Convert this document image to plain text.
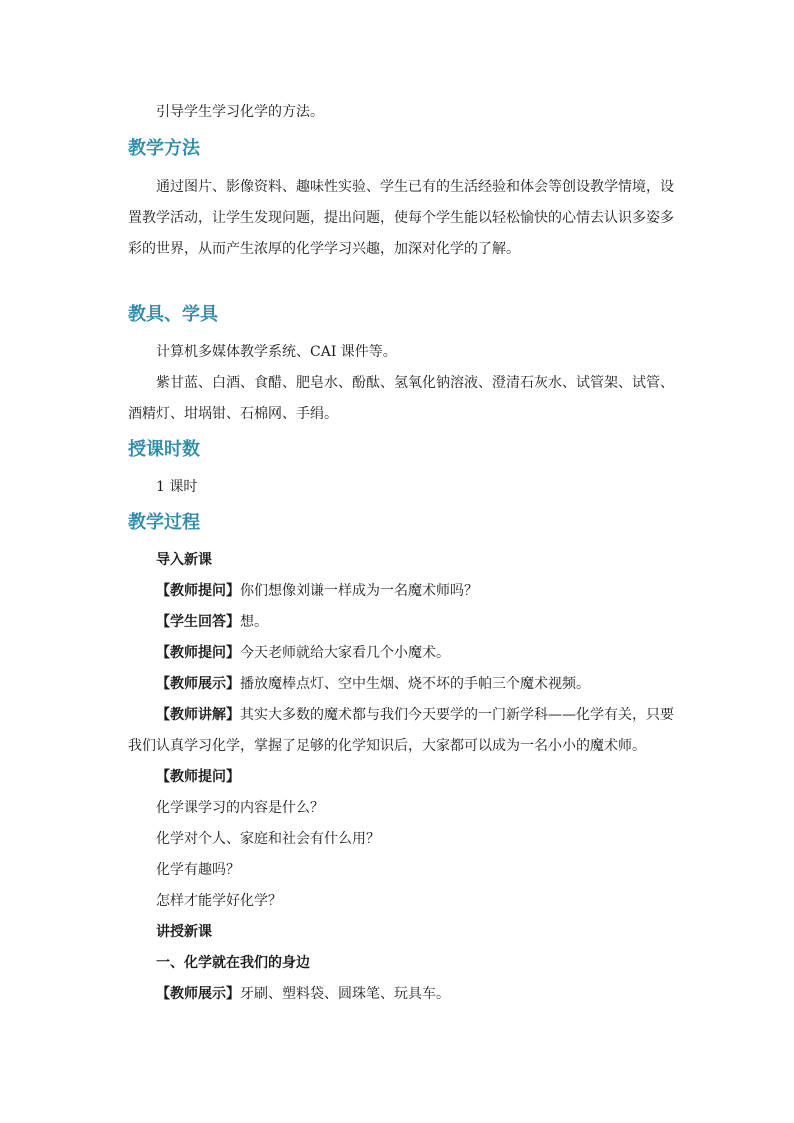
引导学生学习化学的方法。
教学方法
通过图片、影像资料、趣味性实验、学生已有的生活经验和体会等创设教学情境，设
置教学活动，让学生发现问题，提出问题，使每个学生能以轻松愉快的心情去认识多姿多
彩的世界，从而产生浓厚的化学学习兴趣，加深对化学的了解。
教具、学具
计算机多媒体教学系统、CAI 课件等。
紫甘蓝、白酒、食醋、肥皂水、酚酞、氢氧化钠溶液、澄清石灰水、试管架、试管、
酒精灯、坩埚钳、石棉网、手绢。
授课时数
1 课时
教学过程
导入新课
【教师提问】你们想像刘谦一样成为一名魔术师吗？
【学生回答】想。
【教师提问】今天老师就给大家看几个小魔术。
【教师展示】播放魔棒点灯、空中生烟、烧不坏的手帕三个魔术视频。
【教师讲解】其实大多数的魔术都与我们今天要学的一门新学科——化学有关，只要
我们认真学习化学，掌握了足够的化学知识后，大家都可以成为一名小小的魔术师。
【教师提问】
化学课学习的内容是什么？
化学对个人、家庭和社会有什么用？
化学有趣吗？
怎样才能学好化学？
讲授新课
一、化学就在我们的身边
【教师展示】牙刷、塑料袋、圆珠笔、玩具车。
